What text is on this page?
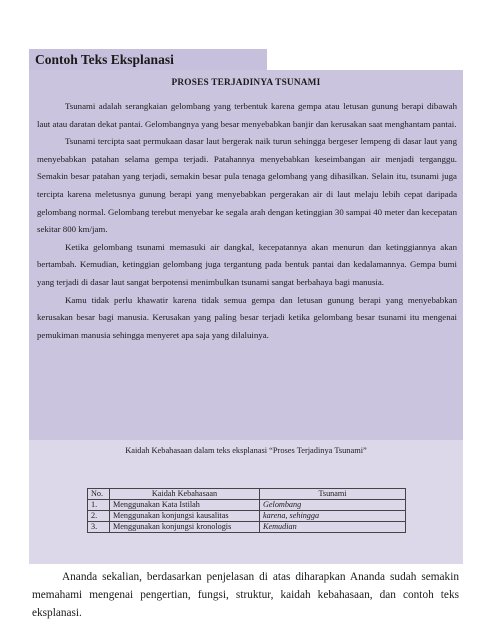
Contoh Teks Eksplanasi
PROSES TERJADINYA TSUNAMI

Tsunami adalah serangkaian gelombang yang terbentuk karena gempa atau letusan gunung berapi dibawah laut atau daratan dekat pantai. Gelombangnya yang besar menyebabkan banjir dan kerusakan saat menghantam pantai.

Tsunami tercipta saat permukaan dasar laut bergerak naik turun sehingga bergeser lempeng di dasar laut yang menyebabkan patahan selama gempa terjadi. Patahannya menyebabkan keseimbangan air menjadi terganggu. Semakin besar patahan yang terjadi, semakin besar pula tenaga gelombang yang dihasilkan. Selain itu, tsunami juga tercipta karena meletusnya gunung berapi yang menyebabkan pergerakan air di laut melaju lebih cepat daripada gelombang normal. Gelombang terebut menyebar ke segala arah dengan ketinggian 30 sampai 40 meter dan kecepatan sekitar 800 km/jam.

Ketika gelombang tsunami memasuki air dangkal, kecepatannya akan menurun dan ketinggiannya akan bertambah. Kemudian, ketinggian gelombang juga tergantung pada bentuk pantai dan kedalamannya. Gempa bumi yang terjadi di dasar laut sangat berpotensi menimbulkan tsunami sangat berbahaya bagi manusia.

Kamu tidak perlu khawatir karena tidak semua gempa dan letusan gunung berapi yang menyebabkan kerusakan besar bagi manusia. Kerusakan yang paling besar terjadi ketika gelombang besar tsunami itu mengenai pemukiman manusia sehingga menyeret apa saja yang dilaluinya.

Kaidah Kebahasaan dalam teks eksplanasi “Proses Terjadinya Tsunami”
No.	Kaidah Kebahasaan	Tsunami
1.	Menggunakan Kata Istilah	Gelombang
2.	Menggunakan konjungsi kausalitas	karena, sehingga
3.	Menggunakan konjungsi kronologis	Kemudian
Ananda sekalian, berdasarkan penjelasan di atas diharapkan Ananda sudah semakin memahami mengenai pengertian, fungsi, struktur, kaidah kebahasaan, dan contoh teks eksplanasi.
